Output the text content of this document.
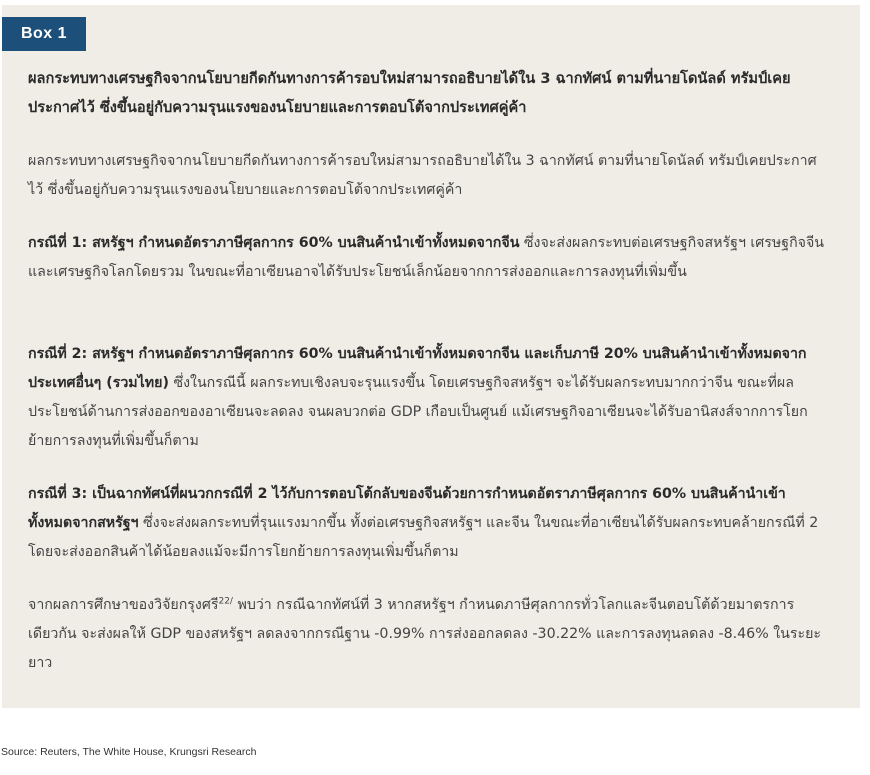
Box 1

ผลกระทบทางเศรษฐกิจจากนโยบายกีดกันทางการค้ารอบใหม่สามารถอธิบายได้ใน 3 ฉากทัศน์ ตามที่นายโดนัลด์ ทรัมป์เคยประกาศไว้ ซึ่งขึ้นอยู่กับความรุนแรงของนโยบายและการตอบโต้จากประเทศคู่ค้า

ผลกระทบทางเศรษฐกิจจากนโยบายกีดกันทางการค้ารอบใหม่สามารถอธิบายได้ใน 3 ฉากทัศน์ ตามที่นายโดนัลด์ ทรัมป์เคยประกาศไว้ ซึ่งขึ้นอยู่กับความรุนแรงของนโยบายและการตอบโต้จากประเทศคู่ค้า

กรณีที่ 1: สหรัฐฯ กำหนดอัตราภาษีศุลกากร 60% บนสินค้านำเข้าทั้งหมดจากจีน ซึ่งจะส่งผลกระทบต่อเศรษฐกิจสหรัฐฯ เศรษฐกิจจีน และเศรษฐกิจโลกโดยรวม ในขณะที่อาเซียนอาจได้รับประโยชน์เล็กน้อยจากการส่งออกและการลงทุนที่เพิ่มขึ้น

กรณีที่ 2: สหรัฐฯ กำหนดอัตราภาษีศุลกากร 60% บนสินค้านำเข้าทั้งหมดจากจีน และเก็บภาษี 20% บนสินค้านำเข้าทั้งหมดจากประเทศอื่นๆ (รวมไทย) ซึ่งในกรณีนี้ ผลกระทบเชิงลบจะรุนแรงขึ้น โดยเศรษฐกิจสหรัฐฯ จะได้รับผลกระทบมากกว่าจีน ขณะที่ผลประโยชน์ด้านการส่งออกของอาเซียนจะลดลง จนผลบวกต่อ GDP เกือบเป็นศูนย์ แม้เศรษฐกิจอาเซียนจะได้รับอานิสงส์จากการโยกย้ายการลงทุนที่เพิ่มขึ้นก็ตาม

กรณีที่ 3: เป็นฉากทัศน์ที่ผนวกกรณีที่ 2 ไว้กับการตอบโต้กลับของจีนด้วยการกำหนดอัตราภาษีศุลกากร 60% บนสินค้านำเข้าทั้งหมดจากสหรัฐฯ ซึ่งจะส่งผลกระทบที่รุนแรงมากขึ้น ทั้งต่อเศรษฐกิจสหรัฐฯ และจีน ในขณะที่อาเซียนได้รับผลกระทบคล้ายกรณีที่ 2 โดยจะส่งออกสินค้าได้น้อยลงแม้จะมีการโยกย้ายการลงทุนเพิ่มขึ้นก็ตาม

จากผลการศึกษาของวิจัยกรุงศรี$^{22/}$ พบว่า กรณีฉากทัศน์ที่ 3 หากสหรัฐฯ กำหนดภาษีศุลกากรทั่วโลกและจีนตอบโต้ด้วยมาตรการเดียวกัน จะส่งผลให้ GDP ของสหรัฐฯ ลดลงจากกรณีฐาน -0.99% การส่งออกลดลง -30.22% และการลงทุนลดลง -8.46% ในระยะยาว

Source: Reuters, The White House, Krungsri Research
